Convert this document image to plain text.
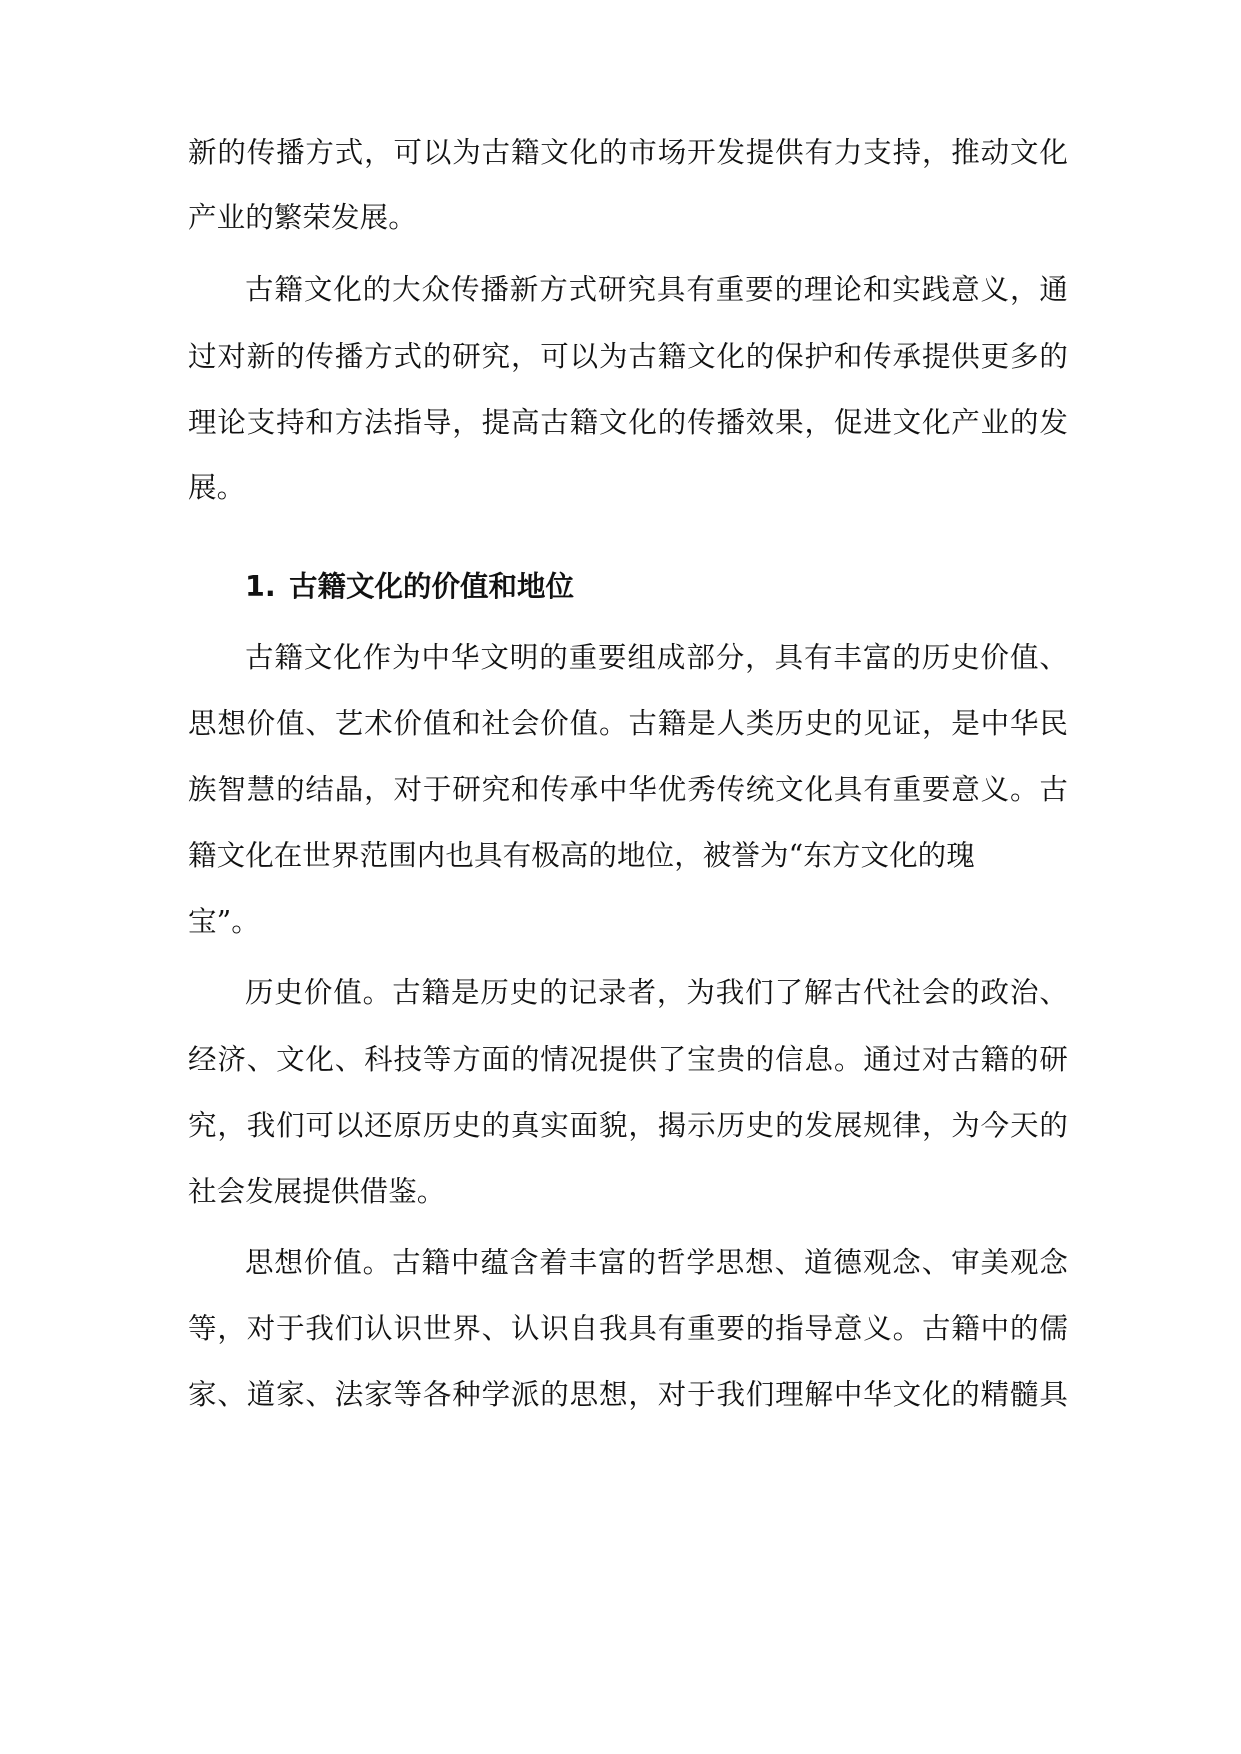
新的传播方式，可以为古籍文化的市场开发提供有力支持，推动文化
产业的繁荣发展。
古籍文化的大众传播新方式研究具有重要的理论和实践意义，通
过对新的传播方式的研究，可以为古籍文化的保护和传承提供更多的
理论支持和方法指导，提高古籍文化的传播效果，促进文化产业的发
展。
1. 古籍文化的价值和地位
古籍文化作为中华文明的重要组成部分，具有丰富的历史价值、
思想价值、艺术价值和社会价值。古籍是人类历史的见证，是中华民
族智慧的结晶，对于研究和传承中华优秀传统文化具有重要意义。古
籍文化在世界范围内也具有极高的地位，被誉为“东方文化的瑰
宝”。
历史价值。古籍是历史的记录者，为我们了解古代社会的政治、
经济、文化、科技等方面的情况提供了宝贵的信息。通过对古籍的研
究，我们可以还原历史的真实面貌，揭示历史的发展规律，为今天的
社会发展提供借鉴。
思想价值。古籍中蕴含着丰富的哲学思想、道德观念、审美观念
等，对于我们认识世界、认识自我具有重要的指导意义。古籍中的儒
家、道家、法家等各种学派的思想，对于我们理解中华文化的精髓具
